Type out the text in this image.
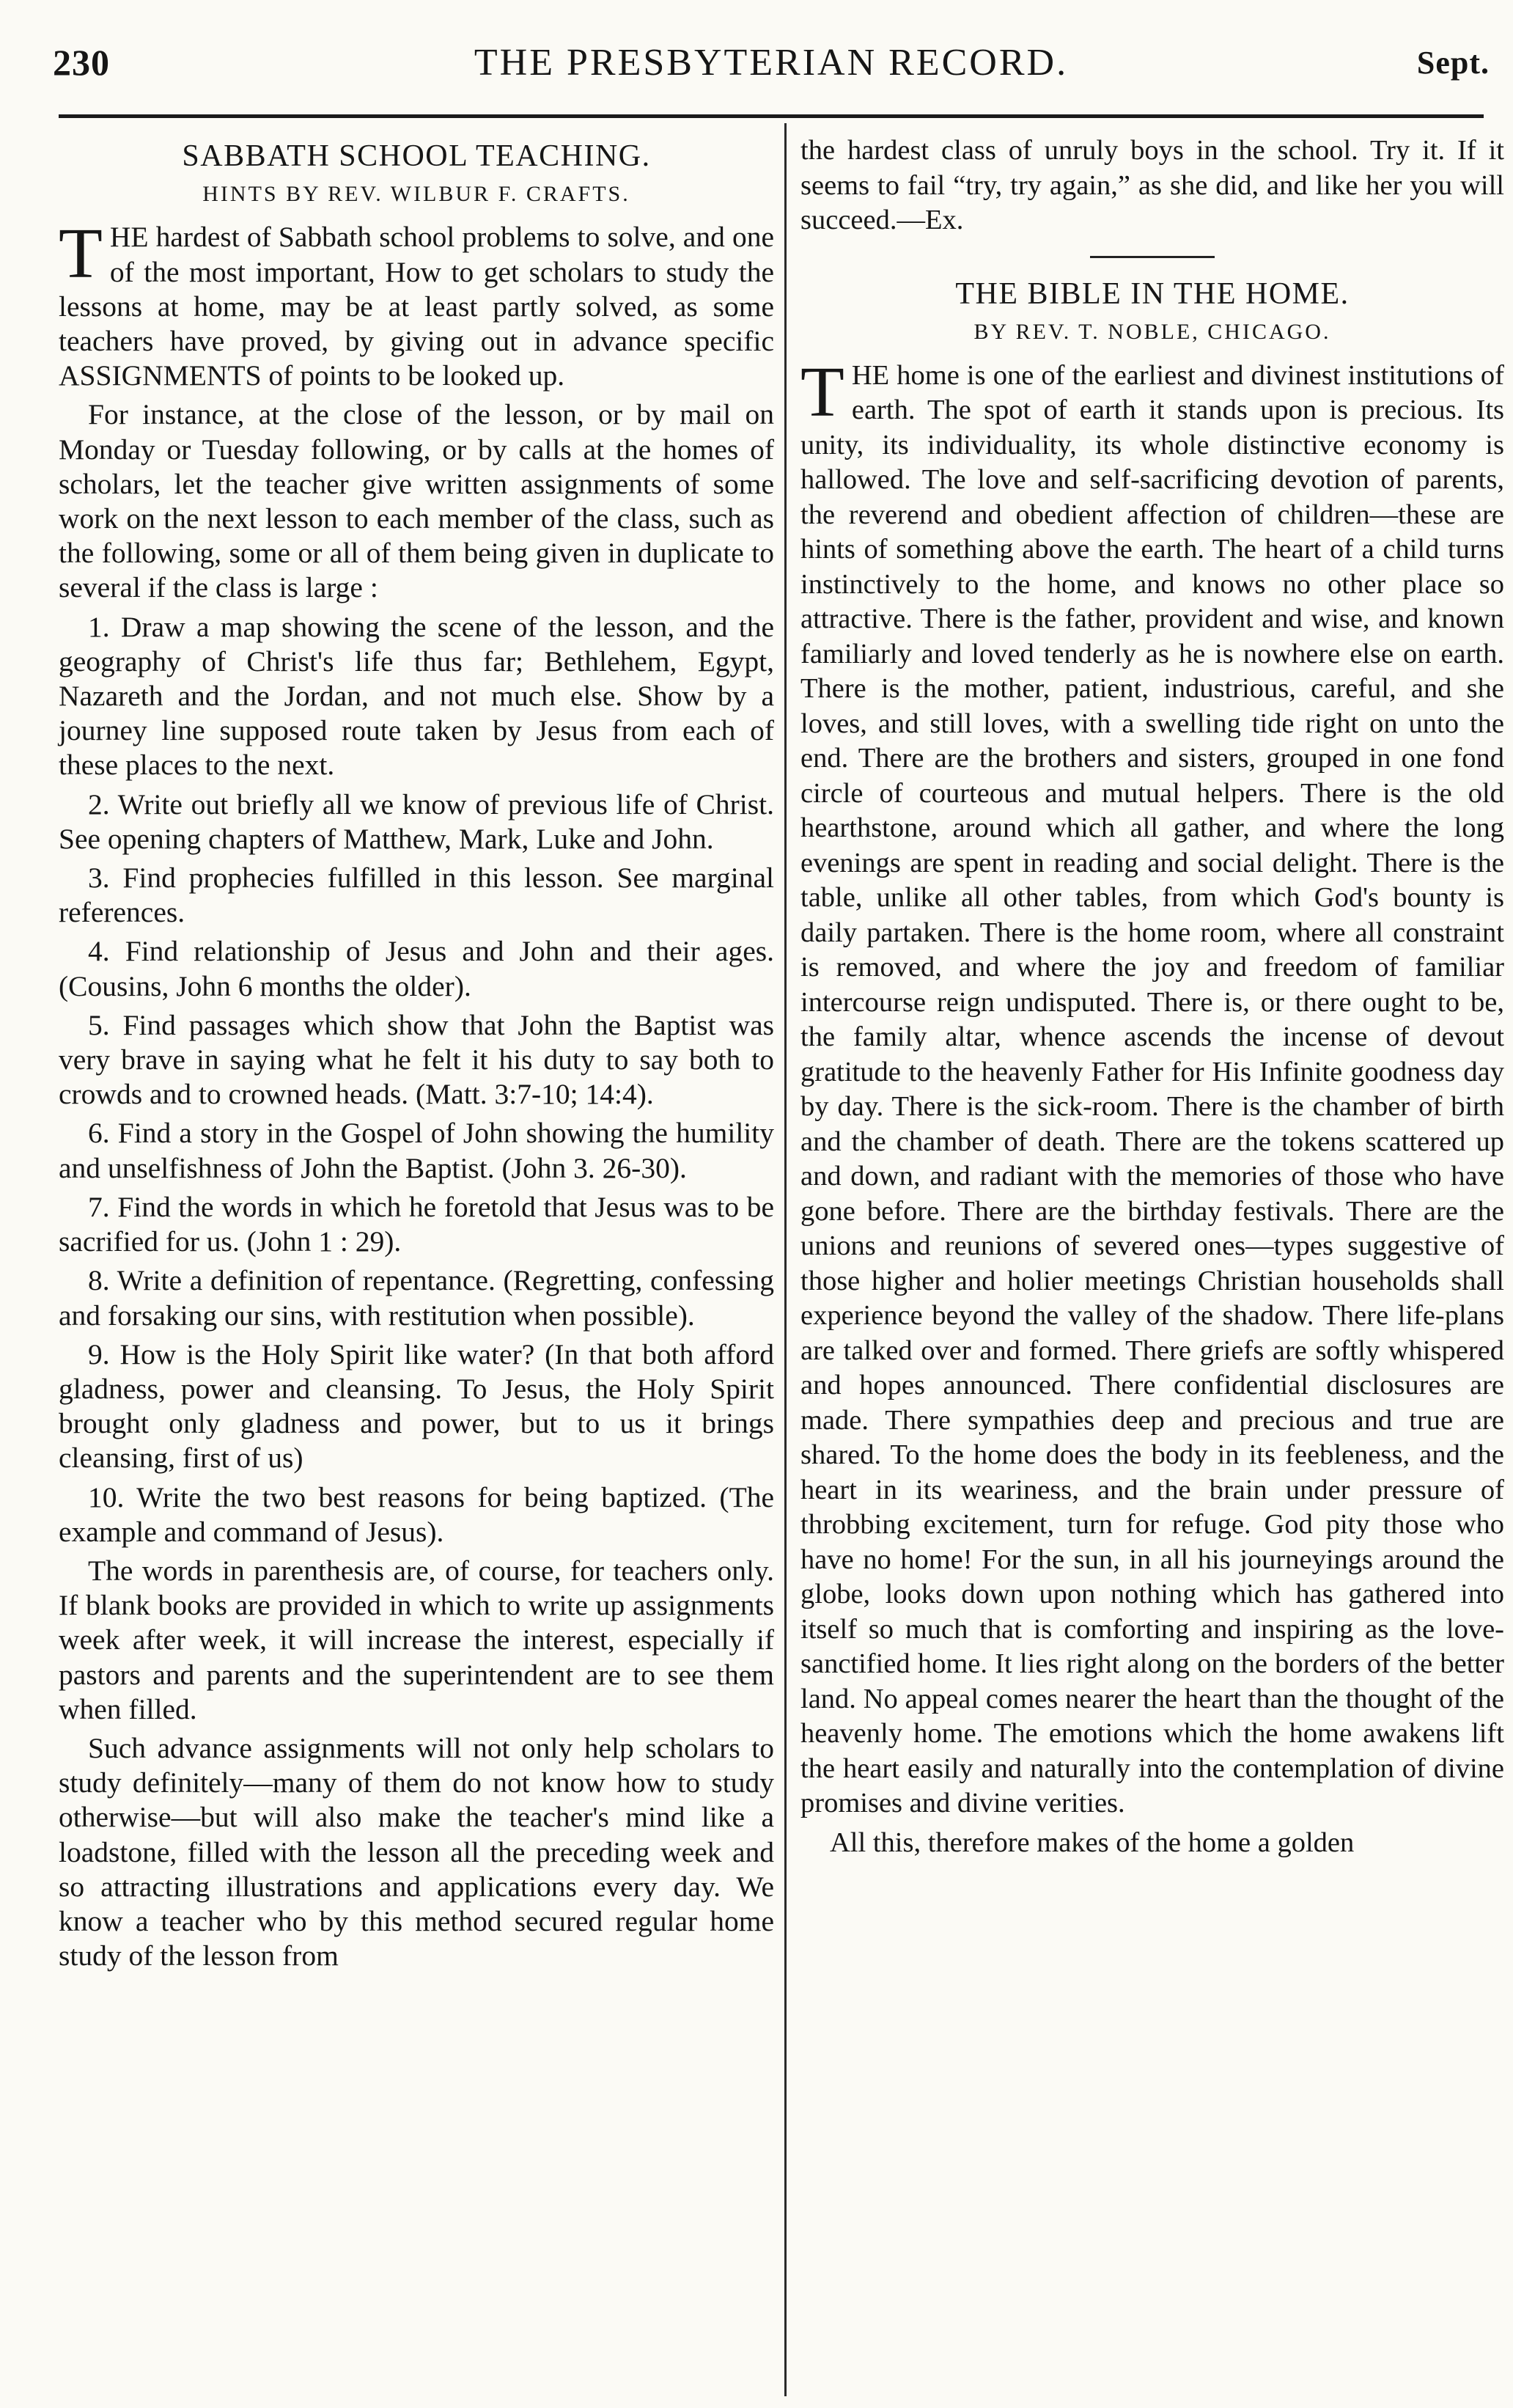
230	THE PRESBYTERIAN RECORD.	Sept.
SABBATH SCHOOL TEACHING.
HINTS BY REV. WILBUR F. CRAFTS.

THE hardest of Sabbath school problems to solve, and one of the most important, How to get scholars to study the lessons at home, may be at least partly solved, as some teachers have proved, by giving out in advance specific ASSIGNMENTS of points to be looked up.

For instance, at the close of the lesson, or by mail on Monday or Tuesday following, or by calls at the homes of scholars, let the teacher give written assignments of some work on the next lesson to each member of the class, such as the following, some or all of them being given in duplicate to several if the class is large :

1. Draw a map showing the scene of the lesson, and the geography of Christ's life thus far; Bethlehem, Egypt, Nazareth and the Jordan, and not much else. Show by a journey line supposed route taken by Jesus from each of these places to the next.

2. Write out briefly all we know of previous life of Christ. See opening chapters of Matthew, Mark, Luke and John.

3. Find prophecies fulfilled in this lesson. See marginal references.

4. Find relationship of Jesus and John and their ages. (Cousins, John 6 months the older).

5. Find passages which show that John the Baptist was very brave in saying what he felt it his duty to say both to crowds and to crowned heads. (Matt. 3:7-10; 14:4).

6. Find a story in the Gospel of John showing the humility and unselfishness of John the Baptist. (John 3. 26-30).

7. Find the words in which he foretold that Jesus was to be sacrified for us. (John 1 : 29).

8. Write a definition of repentance. (Regretting, confessing and forsaking our sins, with restitution when possible).

9. How is the Holy Spirit like water? (In that both afford gladness, power and cleansing. To Jesus, the Holy Spirit brought only gladness and power, but to us it brings cleansing, first of us)

10. Write the two best reasons for being baptized. (The example and command of Jesus).

The words in parenthesis are, of course, for teachers only. If blank books are provided in which to write up assignments week after week, it will increase the interest, especially if pastors and parents and the superintendent are to see them when filled.

Such advance assignments will not only help scholars to study definitely—many of them do not know how to study otherwise—but will also make the teacher's mind like a loadstone, filled with the lesson all the preceding week and so attracting illustrations and applications every day. We know a teacher who by this method secured regular home study of the lesson from

the hardest class of unruly boys in the school. Try it. If it seems to fail “try, try again,” as she did, and like her you will succeed.—Ex.

THE BIBLE IN THE HOME.
BY REV. T. NOBLE, CHICAGO.

THE home is one of the earliest and divinest institutions of earth. The spot of earth it stands upon is precious. Its unity, its individuality, its whole distinctive economy is hallowed. The love and self-sacrificing devotion of parents, the reverend and obedient affection of children—these are hints of something above the earth. The heart of a child turns instinctively to the home, and knows no other place so attractive. There is the father, provident and wise, and known familiarly and loved tenderly as he is nowhere else on earth. There is the mother, patient, industrious, careful, and she loves, and still loves, with a swelling tide right on unto the end. There are the brothers and sisters, grouped in one fond circle of courteous and mutual helpers. There is the old hearthstone, around which all gather, and where the long evenings are spent in reading and social delight. There is the table, unlike all other tables, from which God's bounty is daily partaken. There is the home room, where all constraint is removed, and where the joy and freedom of familiar intercourse reign undisputed. There is, or there ought to be, the family altar, whence ascends the incense of devout gratitude to the heavenly Father for His Infinite goodness day by day. There is the sick-room. There is the chamber of birth and the chamber of death. There are the tokens scattered up and down, and radiant with the memories of those who have gone before. There are the birthday festivals. There are the unions and reunions of severed ones—types suggestive of those higher and holier meetings Christian households shall experience beyond the valley of the shadow. There life-plans are talked over and formed. There griefs are softly whispered and hopes announced. There confidential disclosures are made. There sympathies deep and precious and true are shared. To the home does the body in its feebleness, and the heart in its weariness, and the brain under pressure of throbbing excitement, turn for refuge. God pity those who have no home! For the sun, in all his journeyings around the globe, looks down upon nothing which has gathered into itself so much that is comforting and inspiring as the love-sanctified home. It lies right along on the borders of the better land. No appeal comes nearer the heart than the thought of the heavenly home. The emotions which the home awakens lift the heart easily and naturally into the contemplation of divine promises and divine verities.

All this, therefore makes of the home a golden
